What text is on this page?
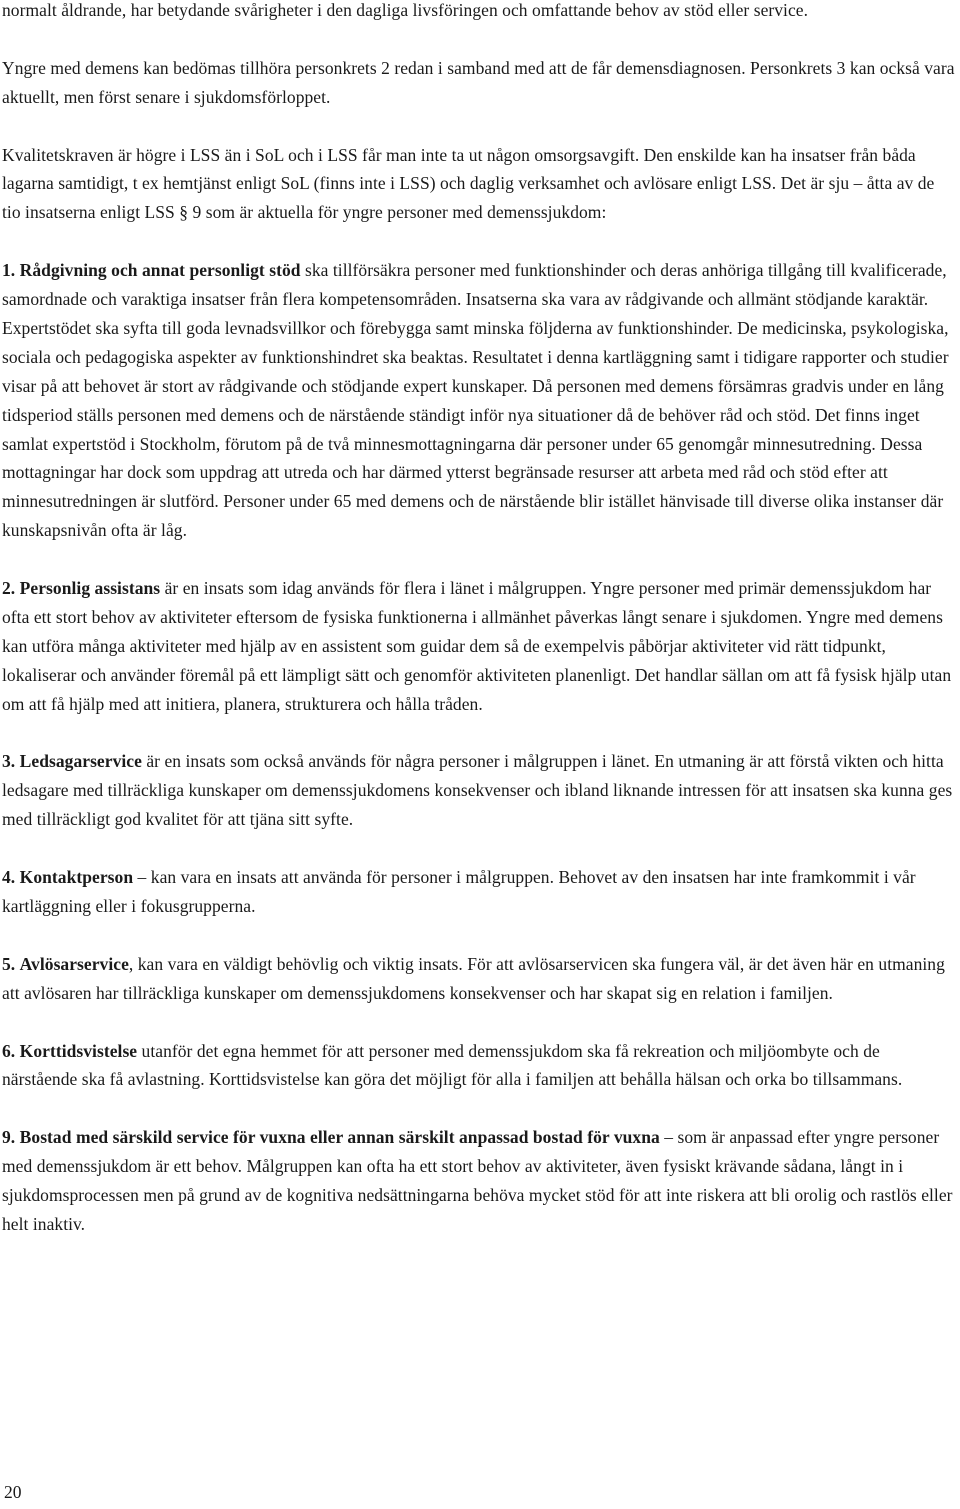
normalt åldrande, har betydande svårigheter i den dagliga livsföringen och omfattande behov av stöd eller service.

Yngre med demens kan bedömas tillhöra personkrets 2 redan i samband med att de får demensdiagnosen. Personkrets 3 kan också vara aktuellt, men först senare i sjukdomsförloppet.

Kvalitetskraven är högre i LSS än i SoL och i LSS får man inte ta ut någon omsorgsavgift. Den enskilde kan ha insatser från båda lagarna samtidigt, t ex hemtjänst enligt SoL (finns inte i LSS) och daglig verksamhet och avlösare enligt LSS. Det är sju – åtta av de tio insatserna enligt LSS § 9 som är aktuella för yngre personer med demenssjukdom:

1. Rådgivning och annat personligt stöd ska tillförsäkra personer med funktionshinder och deras anhöriga tillgång till kvalificerade, samordnade och varaktiga insatser från flera kompetensområden. Insatserna ska vara av rådgivande och allmänt stödjande karaktär. Expertstödet ska syfta till goda levnadsvillkor och förebygga samt minska följderna av funktionshinder. De medicinska, psykologiska, sociala och pedagogiska aspekter av funktionshindret ska beaktas. Resultatet i denna kartläggning samt i tidigare rapporter och studier visar på att behovet är stort av rådgivande och stödjande expert kunskaper. Då personen med demens försämras gradvis under en lång tidsperiod ställs personen med demens och de närstående ständigt inför nya situationer då de behöver råd och stöd. Det finns inget samlat expertstöd i Stockholm, förutom på de två minnesmottagningarna där personer under 65 genomgår minnesutredning. Dessa mottagningar har dock som uppdrag att utreda och har därmed ytterst begränsade resurser att arbeta med råd och stöd efter att minnesutredningen är slutförd. Personer under 65 med demens och de närstående blir istället hänvisade till diverse olika instanser där kunskapsnivån ofta är låg.

2. Personlig assistans är en insats som idag används för flera i länet i målgruppen. Yngre personer med primär demenssjukdom har ofta ett stort behov av aktiviteter eftersom de fysiska funktionerna i allmänhet påverkas långt senare i sjukdomen. Yngre med demens kan utföra många aktiviteter med hjälp av en assistent som guidar dem så de exempelvis påbörjar aktiviteter vid rätt tidpunkt, lokaliserar och använder föremål på ett lämpligt sätt och genomför aktiviteten planenligt. Det handlar sällan om att få fysisk hjälp utan om att få hjälp med att initiera, planera, strukturera och hålla tråden.

3. Ledsagarservice är en insats som också används för några personer i målgruppen i länet. En utmaning är att förstå vikten och hitta ledsagare med tillräckliga kunskaper om demenssjukdomens konsekvenser och ibland liknande intressen för att insatsen ska kunna ges med tillräckligt god kvalitet för att tjäna sitt syfte.

4. Kontaktperson – kan vara en insats att använda för personer i målgruppen. Behovet av den insatsen har inte framkommit i vår kartläggning eller i fokusgrupperna.

5. Avlösarservice, kan vara en väldigt behövlig och viktig insats. För att avlösarservicen ska fungera väl, är det även här en utmaning att avlösaren har tillräckliga kunskaper om demenssjukdomens konsekvenser och har skapat sig en relation i familjen.

6. Korttidsvistelse utanför det egna hemmet för att personer med demenssjukdom ska få rekreation och miljöombyte och de närstående ska få avlastning. Korttidsvistelse kan göra det möjligt för alla i familjen att behålla hälsan och orka bo tillsammans.

9. Bostad med särskild service för vuxna eller annan särskilt anpassad bostad för vuxna – som är anpassad efter yngre personer med demenssjukdom är ett behov. Målgruppen kan ofta ha ett stort behov av aktiviteter, även fysiskt krävande sådana, långt in i sjukdomsprocessen men på grund av de kognitiva nedsättningarna behöva mycket stöd för att inte riskera att bli orolig och rastlös eller helt inaktiv.

20
